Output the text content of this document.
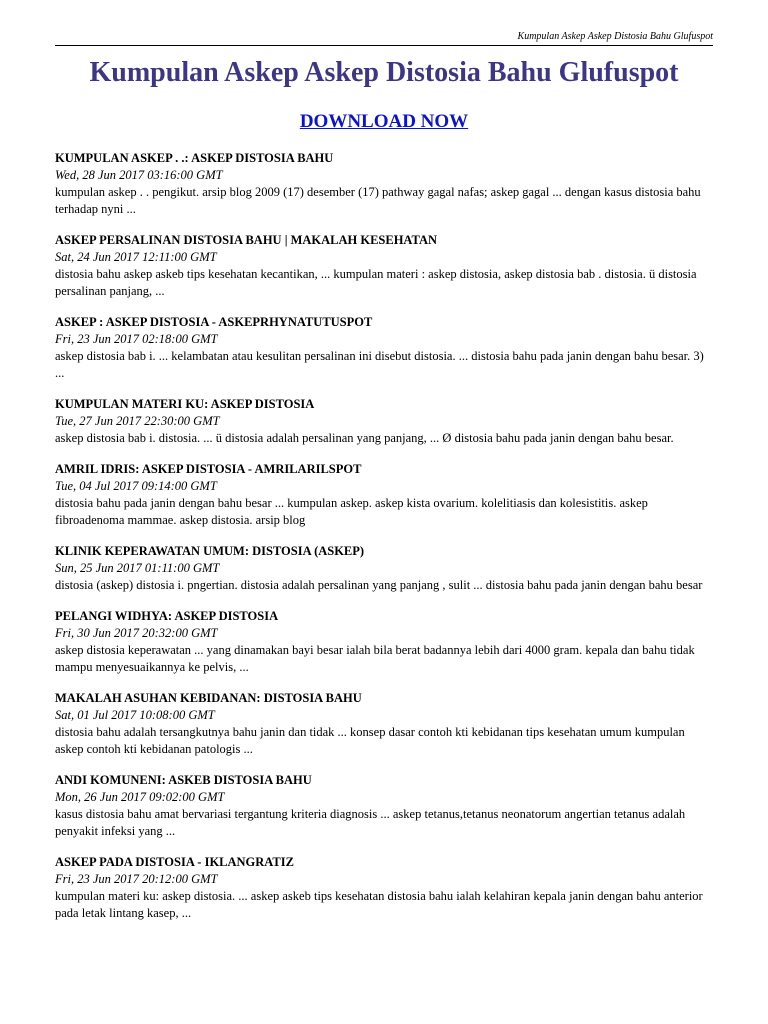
Kumpulan Askep Askep Distosia Bahu Glufuspot
Kumpulan Askep Askep Distosia Bahu Glufuspot
DOWNLOAD NOW
KUMPULAN ASKEP . .: ASKEP DISTOSIA BAHU
Wed, 28 Jun 2017 03:16:00 GMT
kumpulan askep . . pengikut. arsip blog 2009 (17) desember (17) pathway gagal nafas; askep gagal ... dengan kasus distosia bahu terhadap nyni ...
ASKEP PERSALINAN DISTOSIA BAHU | MAKALAH KESEHATAN
Sat, 24 Jun 2017 12:11:00 GMT
distosia bahu askep askeb tips kesehatan kecantikan, ... kumpulan materi : askep distosia, askep distosia bab . distosia. ü distosia persalinan panjang, ...
ASKEP : ASKEP DISTOSIA - ASKEPRHYNATUTUSPOT
Fri, 23 Jun 2017 02:18:00 GMT
askep distosia bab i. ... kelambatan atau kesulitan persalinan ini disebut distosia. ... distosia bahu pada janin dengan bahu besar. 3) ...
KUMPULAN MATERI KU: ASKEP DISTOSIA
Tue, 27 Jun 2017 22:30:00 GMT
askep distosia bab i. distosia. ... ü distosia adalah persalinan yang panjang, ... Ø distosia bahu pada janin dengan bahu besar.
AMRIL IDRIS: ASKEP DISTOSIA - AMRILARILSPOT
Tue, 04 Jul 2017 09:14:00 GMT
distosia bahu pada janin dengan bahu besar ... kumpulan askep. askep kista ovarium. kolelitiasis dan kolesistitis. askep fibroadenoma mammae. askep distosia. arsip blog
KLINIK KEPERAWATAN UMUM: DISTOSIA (ASKEP)
Sun, 25 Jun 2017 01:11:00 GMT
distosia (askep) distosia i. pngertian. distosia adalah persalinan yang panjang , sulit ... distosia bahu pada janin dengan bahu besar
PELANGI WIDHYA: ASKEP DISTOSIA
Fri, 30 Jun 2017 20:32:00 GMT
askep distosia keperawatan ... yang dinamakan bayi besar ialah bila berat badannya lebih dari 4000 gram. kepala dan bahu tidak mampu menyesuaikannya ke pelvis, ...
MAKALAH ASUHAN KEBIDANAN: DISTOSIA BAHU
Sat, 01 Jul 2017 10:08:00 GMT
distosia bahu adalah tersangkutnya bahu janin dan tidak ... konsep dasar contoh kti kebidanan tips kesehatan umum kumpulan askep contoh kti kebidanan patologis ...
ANDI KOMUNENI: ASKEB DISTOSIA BAHU
Mon, 26 Jun 2017 09:02:00 GMT
kasus distosia bahu amat bervariasi tergantung kriteria diagnosis ... askep tetanus,tetanus neonatorum angertian tetanus adalah penyakit infeksi yang ...
ASKEP PADA DISTOSIA - IKLANGRATIZ
Fri, 23 Jun 2017 20:12:00 GMT
kumpulan materi ku: askep distosia. ... askep askeb tips kesehatan distosia bahu ialah kelahiran kepala janin dengan bahu anterior pada letak lintang kasep, ...
